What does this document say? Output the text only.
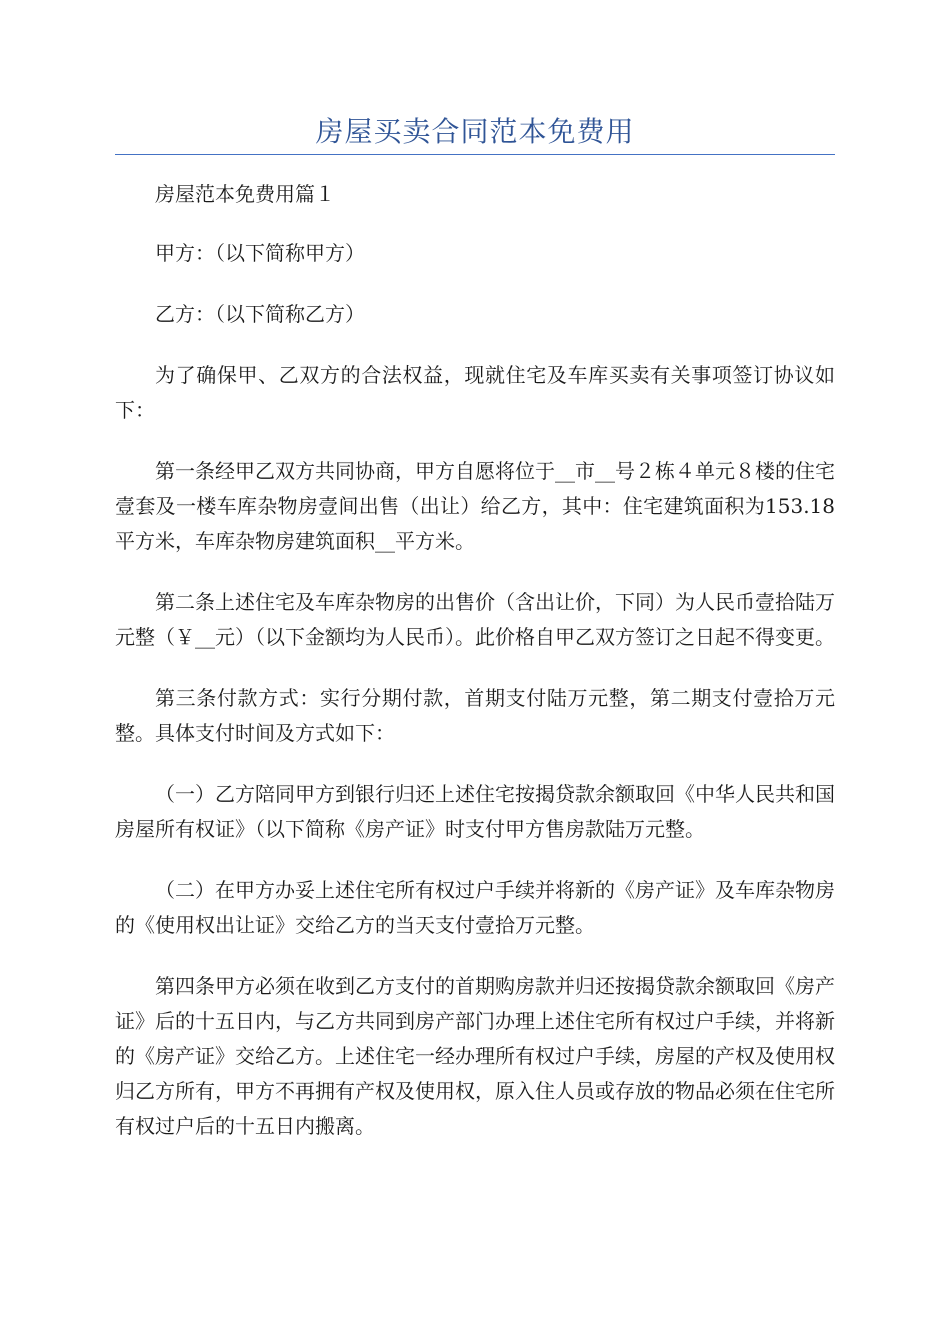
房屋买卖合同范本免费用

房屋范本免费用篇１

甲方：（以下简称甲方）

乙方：（以下简称乙方）

为了确保甲、乙双方的合法权益，现就住宅及车库买卖有关事项签订协议如下：

第一条经甲乙双方共同协商，甲方自愿将位于__市__号２栋４单元８楼的住宅壹套及一楼车库杂物房壹间出售（出让）给乙方，其中：住宅建筑面积为153.18平方米，车库杂物房建筑面积__平方米。

第二条上述住宅及车库杂物房的出售价（含出让价，下同）为人民币壹拾陆万元整（￥__元）（以下金额均为人民币）。此价格自甲乙双方签订之日起不得变更。

第三条付款方式：实行分期付款，首期支付陆万元整，第二期支付壹拾万元整。具体支付时间及方式如下：

（一）乙方陪同甲方到银行归还上述住宅按揭贷款余额取回《中华人民共和国房屋所有权证》（以下简称《房产证》时支付甲方售房款陆万元整。

（二）在甲方办妥上述住宅所有权过户手续并将新的《房产证》及车库杂物房的《使用权出让证》交给乙方的当天支付壹拾万元整。

第四条甲方必须在收到乙方支付的首期购房款并归还按揭贷款余额取回《房产证》后的十五日内，与乙方共同到房产部门办理上述住宅所有权过户手续，并将新的《房产证》交给乙方。上述住宅一经办理所有权过户手续，房屋的产权及使用权归乙方所有，甲方不再拥有产权及使用权，原入住人员或存放的物品必须在住宅所有权过户后的十五日内搬离。
